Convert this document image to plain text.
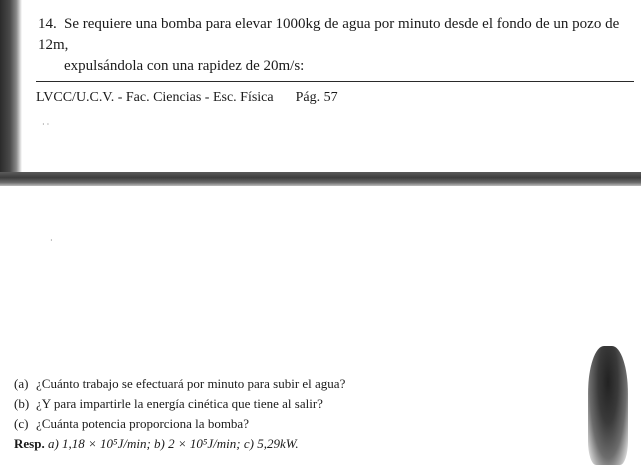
· ·
·
14. Se requiere una bomba para elevar 1000kg de agua por minuto desde el fondo de un pozo de 12m,
expulsándola con una rapidez de 20m/s:
LVCC/U.C.V. - Fac. Ciencias - Esc. Física Pág. 57
(a) ¿Cuánto trabajo se efectuará por minuto para subir el agua?
(b) ¿Y para impartirle la energía cinética que tiene al salir?
(c) ¿Cuánta potencia proporciona la bomba?
Resp. a) 1,18 × 10⁵J/min; b) 2 × 10⁵J/min; c) 5,29kW.
